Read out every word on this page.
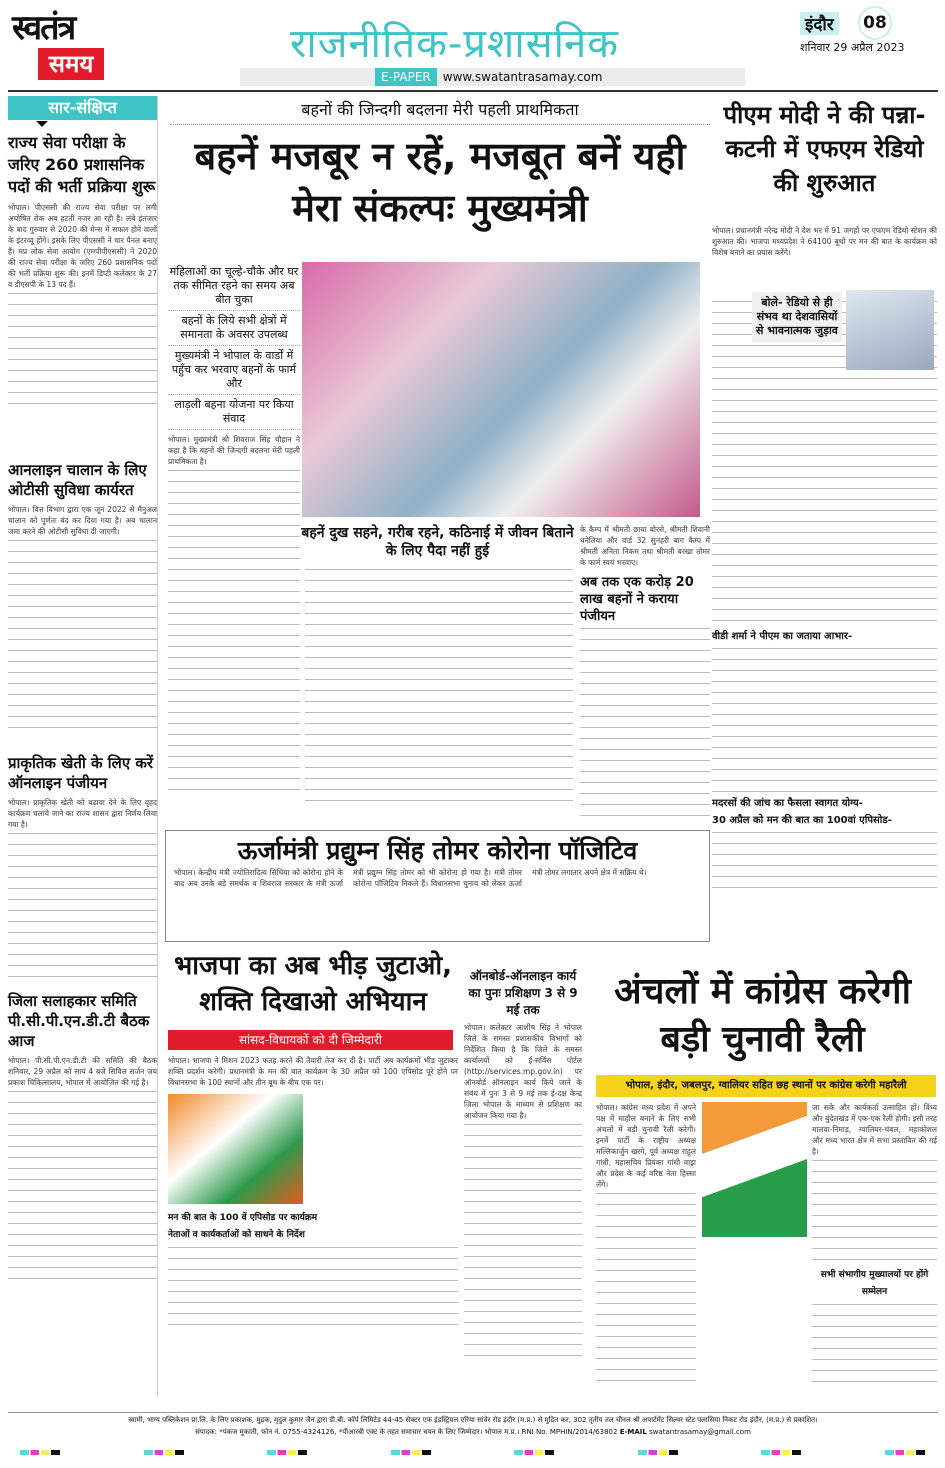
स्वतंत्र
समय	राजनीतिक-प्रशासनिक
E-PAPER	www.swatantrasamay.com
इंदौर	08
शनिवार 29 अप्रैल 2023
सार-संक्षिप्त
राज्य सेवा परीक्षा के जरिए 260 प्रशासनिक पदों की भर्ती प्रक्रिया शुरू
भोपाल। पीएससी की राज्य सेवा परीक्षा पर लगी अघोषित रोक अब हटती नजर आ रही है। लंबे इंतजार के बाद गुरुवार से 2020 की मेन्स में सफल होने वालों के इंटरव्यू होंगे। इसके लिए पीएससी ने चार पैनल बनाए हैं। मप्र लोक सेवा आयोग (एमपीपीएससी) ने 2020 की राज्य सेवा परीक्षा के जरिए 260 प्रशासनिक पदों की भर्ती प्रक्रिया शुरू की। इनमें डिप्टी कलेक्टर के 27 व डीएसपी के 13 पद हैं।
आनलाइन चालान के लिए ओटीसी सुविधा कार्यरत
भोपाल। वित्त विभाग द्वारा एक जून 2022 से मैनुअल चालान को पूर्णतः बंद कर दिया गया है। अब चालान जमा करने की ओटीसी सुविधा दी जाएगी।
प्राकृतिक खेती के लिए करें ऑनलाइन पंजीयन
भोपाल। प्राकृतिक खेती को बढ़ावा देने के लिए वृहद कार्यक्रम चलाये जाने का राज्य शासन द्वारा निर्णय लिया गया है।
जिला सलाहकार समिति पी.सी.पी.एन.डी.टी बैठक आज
भोपाल। पी.सी.पी.एन.डी.टी की समिति की बैठक शनिवार, 29 अप्रैल को सायं 4 बजे सिविल सर्जन जय प्रकाश चिकित्सालय, भोपाल में आयोजित की गई है।
बहनों की जिन्दगी बदलना मेरी पहली प्राथमिकता
बहनें मजबूर न रहें, मजबूत बनें यही मेरा संकल्पः मुख्यमंत्री
महिलाओं का चूल्हे-चौके और घर तक सीमित रहने का समय अब बीत चुका
बहनों के लिये सभी क्षेत्रों में समानता के अवसर उपलब्ध
मुख्यमंत्री ने भोपाल के वार्डों में पहुँच कर भरवाए बहनों के फार्म और
लाड़ली बहना योजना पर किया संवाद
भोपाल। मुख्यमंत्री श्री शिवराज सिंह चौहान ने कहा है कि बहनों की जिन्दगी बदलना मेरी पहली प्राथमिकता है।
बहनें दुख सहने, गरीब रहने, कठिनाई में जीवन बिताने के लिए पैदा नहीं हुई
के कैम्प में श्रीमती छाया बोरसे, श्रीमती शिवानी धनेलिया और वार्ड 32 सुनहरी बाग कैम्प में श्रीमती अनिता निकम तथा श्रीमती बरखा तोमर के फार्म स्वयं भरवाए।
अब तक एक करोड़ 20 लाख बहनों ने कराया पंजीयन
पीएम मोदी ने की पन्ना-कटनी में एफएम रेडियो की शुरुआत
भोपाल। प्रधानमंत्री नरेन्द्र मोदी ने देश भर में 91 जगहों पर एफएम रेडियो स्टेशन की शुरुआत की। भाजपा मध्यप्रदेश ने 64100 बूथों पर मन की बात के कार्यक्रम को विशेष बनाने का प्रयास करेंगे।
वीडी शर्मा ने पीएम का जताया आभार-
मदरसों की जांच का फैसला स्वागत योग्य-
30 अप्रैल को मन की बात का 100वां एपिसोड-
बोले- रेडियो से ही संभव था देशवासियों से भावनात्मक जुड़ाव
ऊर्जामंत्री प्रद्युम्न सिंह तोमर कोरोना पॉजिटिव
भोपाल। केन्द्रीय मंत्री ज्योतिरादित्य सिंधिया को कोरोना होने के बाद अब उनके बड़े समर्थक व शिवराज सरकार के मंत्री ऊर्जा मंत्री प्रद्युम्न सिंह तोमर को भी कोरोना हो गया है। मंत्री तोमर कोरोना पॉजिटिव निकले हैं। विधानसभा चुनाव को लेकर ऊर्जा मंत्री तोमर लगातार अपने क्षेत्र में सक्रिय थे।
भाजपा का अब भीड़ जुटाओ, शक्ति दिखाओ अभियान
सांसद-विधायकों को दी जिम्मेदारी
भोपाल। भाजपा ने मिशन 2023 फतह करने की तैयारी तेज कर दी है। पार्टी अब कार्यक्रमों भीड़ जुटाकर शक्ति प्रदर्शन करेगी। प्रधानमंत्री के मन की बात कार्यक्रम के 30 अप्रैल को 100 एपिसोड पूरे होने पर विधानसभा के 100 स्थानों और तीन बूथ के बीच एक पर।
मन की बात के 100 वें एपिसोड पर कार्यक्रम
नेताओं व कार्यकर्ताओं को साधने के निर्देश
ऑनबोर्ड-ऑनलाइन कार्य का पुनः प्रशिक्षण 3 से 9 मई तक
भोपाल। कलेक्टर आशीष सिंह ने भोपाल जिले के समस्त प्रशासकीय विभागों को निर्देशित किया है कि जिले के समस्त कार्यालयों को ई-सर्विस पोर्टल (http://services.mp.gov.in) पर ऑनबोर्ड ऑनलाइन कार्य किये जाने के संबंध में पुनः 3 से 9 मई तक ई-दक्ष केन्द्र जिला भोपाल के माध्यम से प्रशिक्षण का आयोजन किया गया है।
अंचलों में कांग्रेस करेगी बड़ी चुनावी रैली
भोपाल, इंदौर, जबलपुर, ग्वालियर सहित छह स्थानों पर कांग्रेस करेगी महारैली
भोपाल। कांग्रेस मध्य प्रदेश में अपने पक्ष में माहौल बनाने के लिए सभी अंचलों में बड़ी चुनावी रैली करेगी। इनमें पार्टी के राष्ट्रीय अध्यक्ष मल्लिकार्जुन खरगे, पूर्व अध्यक्ष राहुल गांधी, महासचिव प्रियंका गांधी वाड्रा और प्रदेश के कई वरिष्ठ नेता हिस्सा लेंगे।
जा सके और कार्यकर्ता उत्साहित हों। विंध्य और बुंदेलखंड में एक-एक रैली होगी। इसी तरह मालवा-निमाड़, ग्वालियर-चंबल, महाकोशल और मध्य भारत क्षेत्र में सभा प्रस्तावित की गई है।
सभी संभागीय मुख्यालयों पर होंगे सम्मेलन
स्वामी, भाग्य पब्लिकेशन प्रा.लि. के लिए प्रकाशक, मुद्रक, मृदुल कुमार जैन द्वारा डी.बी. कॉर्प लिमिटेड 44-45 सेक्टर एफ इंडस्ट्रियल एरिया सांवेर रोड इंदौर (म.प्र.) से मुद्रित कर, 302 तृतीय तल चौनल श्री अपार्टमेंट सिल्वर स्टेट पलासिया निकट रोड इंदौर, (म.प्र.) से प्रकाशित।
संपादक: *पंकज मुकाती, फोन नं. 0755-4324126, *पीआरबी एक्ट के तहत समाचार चयन के लिए जिम्मेदार। भोपाल म.प्र.। RNI No. MPHIN/2014/63802 E-MAIL swatantrasamay@gmail.com
